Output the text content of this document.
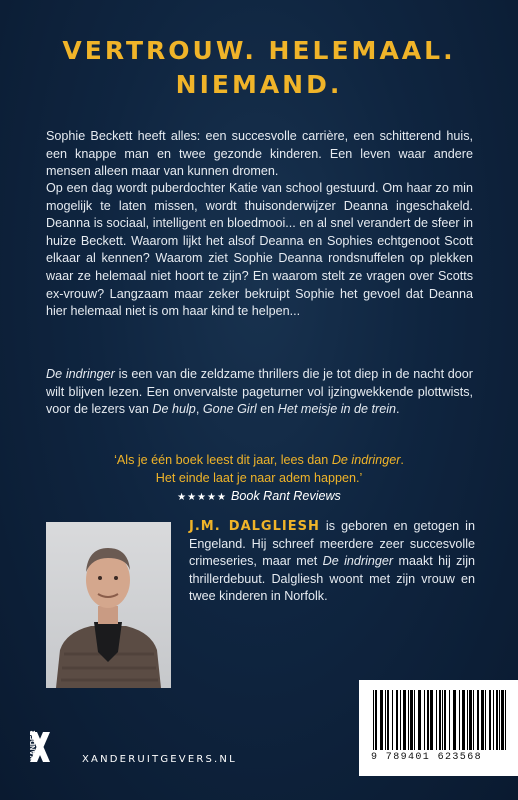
VERTROUW. HELEMAAL.
NIEMAND.
Sophie Beckett heeft alles: een succesvolle carrière, een schitterend huis, een knappe man en twee gezonde kinderen. Een leven waar andere mensen alleen maar van kunnen dromen.
Op een dag wordt puberdochter Katie van school gestuurd. Om haar zo min mogelijk te laten missen, wordt thuisonderwijzer Deanna ingeschakeld. Deanna is sociaal, intelligent en bloedmooi... en al snel verandert de sfeer in huize Beckett. Waarom lijkt het alsof Deanna en Sophies echtgenoot Scott elkaar al kennen? Waarom ziet Sophie Deanna rondsnuffelen op plekken waar ze helemaal niet hoort te zijn? En waarom stelt ze vragen over Scotts ex-vrouw? Langzaam maar zeker bekruipt Sophie het gevoel dat Deanna hier helemaal niet is om haar kind te helpen...
De indringer is een van die zeldzame thrillers die je tot diep in de nacht door wilt blijven lezen. Een onvervalste pageturner vol ijzingwekkende plottwists, voor de lezers van De hulp, Gone Girl en Het meisje in de trein.
‘Als je één boek leest dit jaar, lees dan De indringer.
Het einde laat je naar adem happen.’
★★★★★ Book Rant Reviews
J.M. DALGLIESH is geboren en getogen in Engeland. Hij schreef meerdere zeer succesvolle crimeseries, maar met De indringer maakt hij zijn thrillerdebuut. Dalgliesh woont met zijn vrouw en twee kinderen in Norfolk.
9 789401 623568
XANDER	XANDERUITGEVERS.NL
